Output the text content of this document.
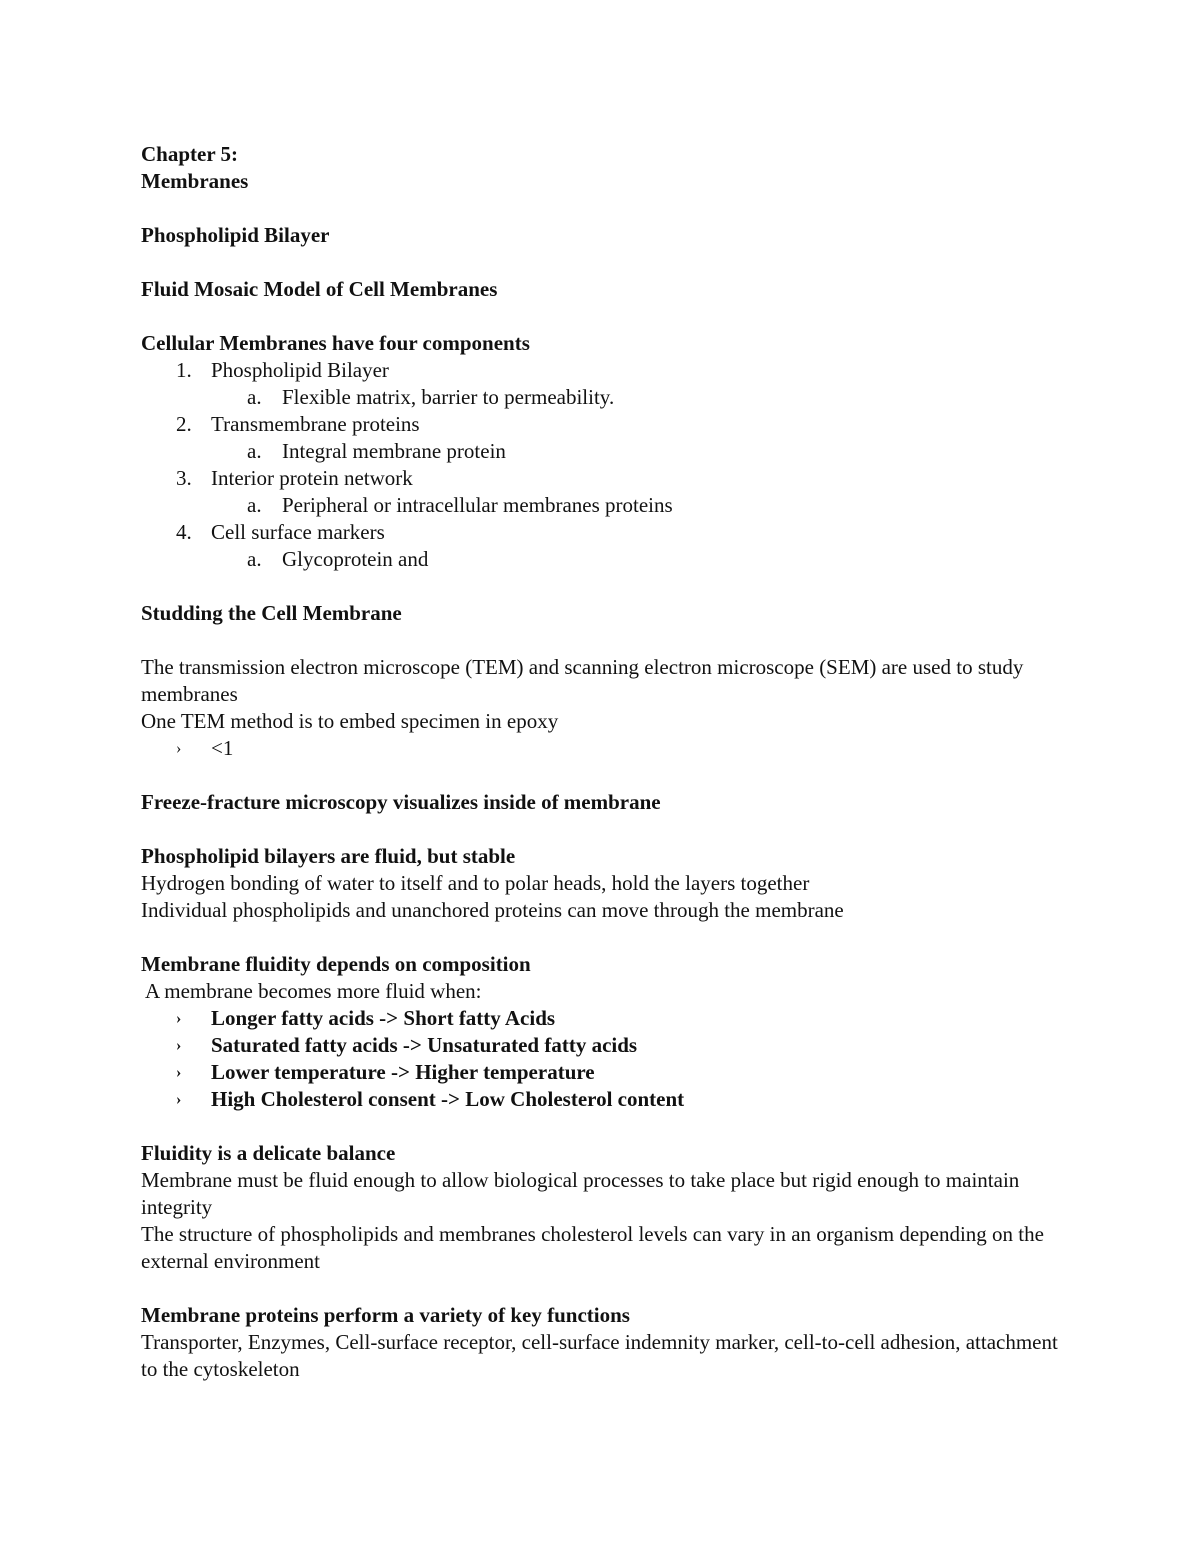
Chapter 5:
Membranes
Phospholipid Bilayer
Fluid Mosaic Model of Cell Membranes
Cellular Membranes have four components
1. Phospholipid Bilayer
a. Flexible matrix, barrier to permeability.
2. Transmembrane proteins
a. Integral membrane protein
3. Interior protein network
a. Peripheral or intracellular membranes proteins
4. Cell surface markers
a. Glycoprotein and
Studding the Cell Membrane
The transmission electron microscope (TEM) and scanning electron microscope (SEM) are used to study membranes
One TEM method is to embed specimen in epoxy
› <1
Freeze-fracture microscopy visualizes inside of membrane
Phospholipid bilayers are fluid, but stable
Hydrogen bonding of water to itself and to polar heads, hold the layers together
Individual phospholipids and unanchored proteins can move through the membrane
Membrane fluidity depends on composition
A membrane becomes more fluid when:
› Longer fatty acids -> Short fatty Acids
› Saturated fatty acids -> Unsaturated fatty acids
› Lower temperature -> Higher temperature
› High Cholesterol consent -> Low Cholesterol content
Fluidity is a delicate balance
Membrane must be fluid enough to allow biological processes to take place but rigid enough to maintain integrity
The structure of phospholipids and membranes cholesterol levels can vary in an organism depending on the external environment
Membrane proteins perform a variety of key functions
Transporter, Enzymes, Cell-surface receptor, cell-surface indemnity marker, cell-to-cell adhesion, attachment to the cytoskeleton
